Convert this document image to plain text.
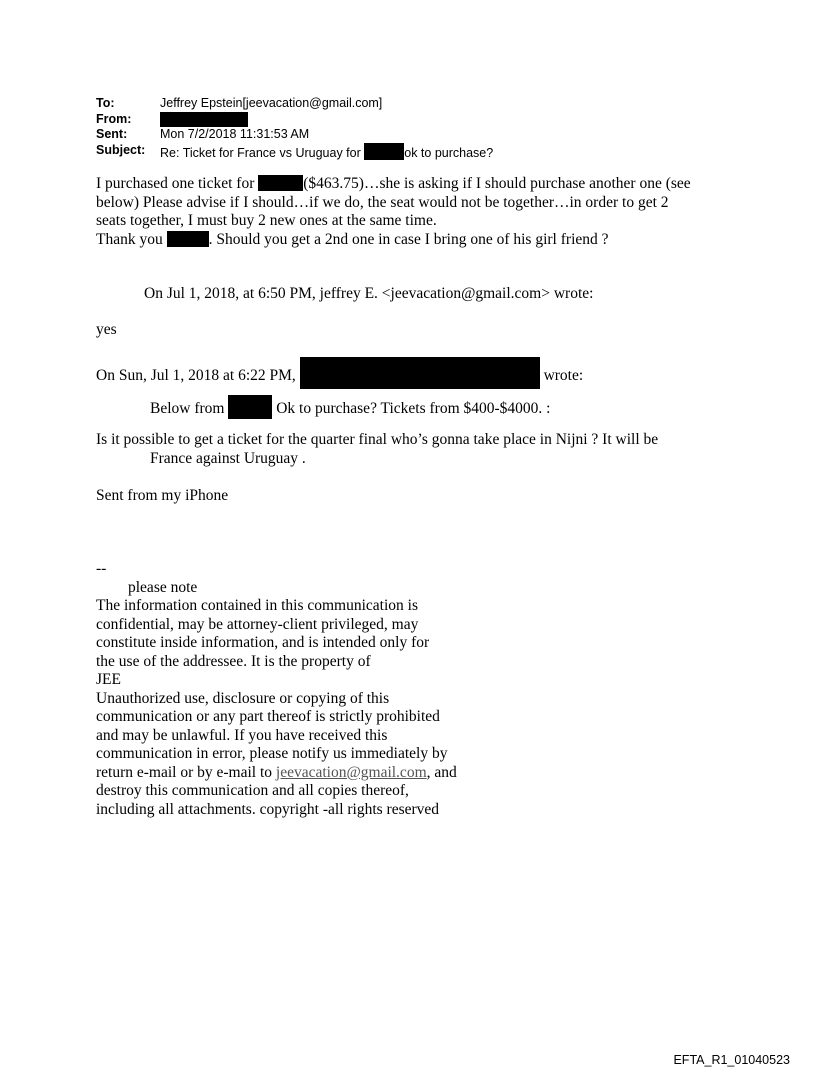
To:	Jeffrey Epstein[jeevacation@gmail.com]
From:
Sent:	Mon 7/2/2018 11:31:53 AM
Subject: Re: Ticket for France vs Uruguay for	ok to purchase?

I purchased one ticket for	($463.75)…she is asking if I should purchase another one (see

below) Please advise if I should…if we do, the seat would not be together…in order to get 2

seats together, I must buy 2 new ones at the same time.

Thank you	. Should you get a 2nd one in case I bring one of his girl friend ?

On Jul 1, 2018, at 6:50 PM, jeffrey E. <jeevacation@gmail.com> wrote:

yes

On Sun, Jul 1, 2018 at 6:22 PM,	wrote:

Below from	Ok to purchase? Tickets from $400-$4000. :

Is it possible to get a ticket for the quarter final who’s gonna take place in Nijni ? It will be

France against Uruguay .

Sent from my iPhone

--

please note

The information contained in this communication is

confidential, may be attorney-client privileged, may

constitute inside information, and is intended only for

the use of the addressee. It is the property of

JEE

Unauthorized use, disclosure or copying of this

communication or any part thereof is strictly prohibited

and may be unlawful. If you have received this

communication in error, please notify us immediately by

return e-mail or by e-mail to jeevacation@gmail.com, and

destroy this communication and all copies thereof,

including all attachments. copyright -all rights reserved

EFTA_R1_01040523
